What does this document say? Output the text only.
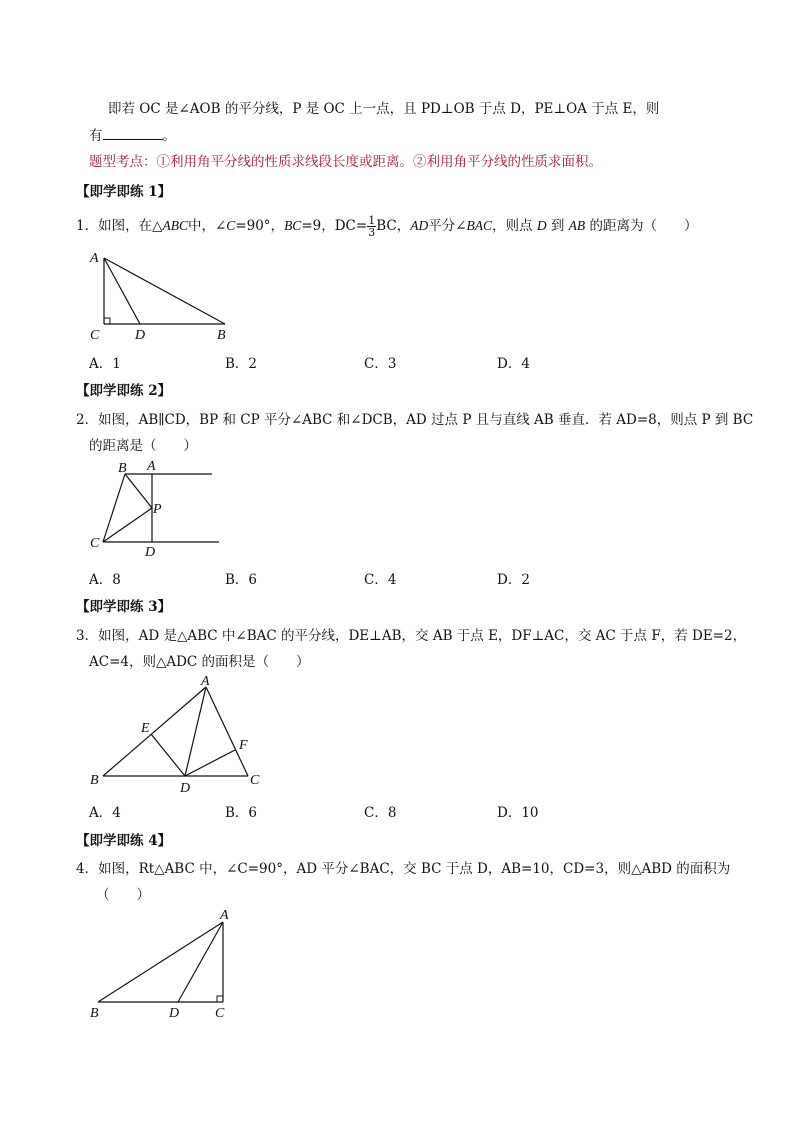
即若 OC 是∠AOB 的平分线，P 是 OC 上一点，且 PD⊥OB 于点 D，PE⊥OA 于点 E，则
有	。
题型考点：①利用角平分线的性质求线段长度或距离。②利用角平分线的性质求面积。
【即学即练 1】
1．如图，在△ABC中，∠C=90°，BC=9，$DC= \frac{1}{3}$ BC，AD平分∠BAC，则点 D 到 AB 的距离为（　　）
A
C	D	B
A．1	B．2	C．3	D．4
【即学即练 2】
2．如图，AB∥CD，BP 和 CP 平分∠ABC 和∠DCB，AD 过点 P 且与直线 AB 垂直．若 AD=8，则点 P 到 BC
的距离是（　　）
B A
P
C
D
A．8	B．6	C．4	D．2
【即学即练 3】
3．如图，AD 是△ABC 中∠BAC 的平分线，DE⊥AB，交 AB 于点 E，DF⊥AC，交 AC 于点 F，若 DE=2，
AC=4，则△ADC 的面积是（　　）
A
E
F
B
D
C
A．4	B．6	C．8	D．10
【即学即练 4】
4．如图，Rt△ABC 中，∠C=90°，AD 平分∠BAC，交 BC 于点 D，AB=10，CD=3，则△ABD 的面积为
（　　）
A
B	D	C
